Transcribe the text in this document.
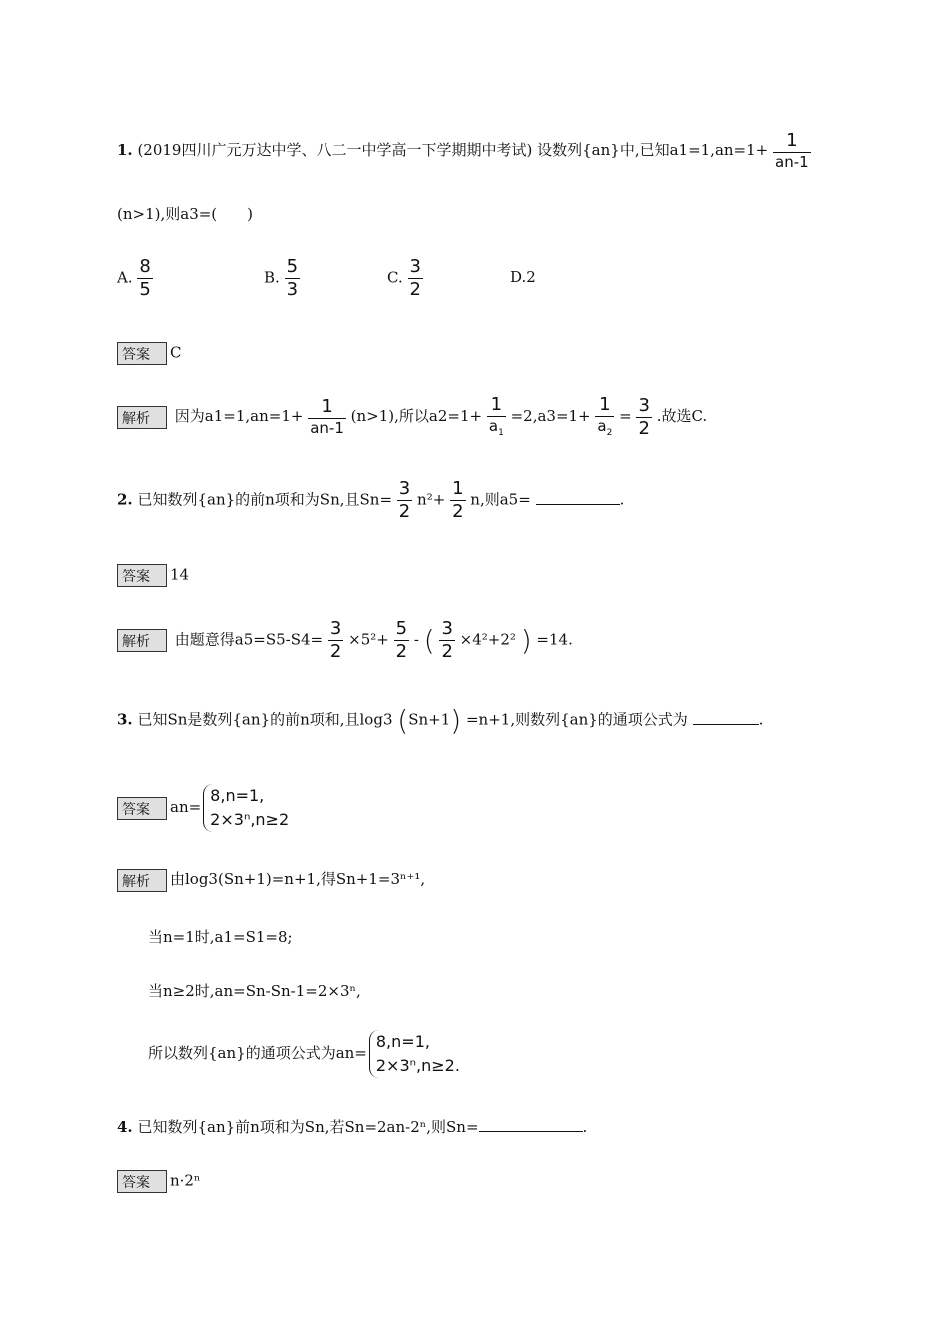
1. (2019四川广元万达中学、八二一中学高一下学期期中考试) 设数列{an}中,已知$a1=1,an=1+ \frac{1}{an-1}$
(n>1),则a3=(　　)
A. $\frac{8}{5}$	B. $\frac{5}{3}$	C. $\frac{3}{2}$	D.2
答案 C
解析 因为$a1=1,an=1+ \frac{1}{an-1} (n>1)$,所以$a2=1+ \frac{1}{a_1} =2,a3=1+ \frac{1}{a_2} = \frac{3}{2}$ .故选C.
2. 已知数列{an}的前n项和为Sn,且$Sn= \frac{3}{2} n^2+ \frac{1}{2} n$,则a5=	.
答案 14
解析 由题意得$a5=S5-S4= \frac{3}{2} \times 5^2+ \frac{5}{2}$ - ( $\frac{3}{2} \times 4^2+2^2$ ) =14.
3. 已知Sn是数列{an}的前n项和,且log3 (Sn+1) =n+1,则数列{an}的通项公式为	.
答案 an=
8,n=1,
2×3ⁿ,n≥2
解析 由log3(Sn+1)=n+1,得Sn+1=3ⁿ⁺¹,
当n=1时,a1=S1=8;
当n≥2时,an=Sn-Sn-1=2×3ⁿ,
所以数列{an}的通项公式为an=
8,n=1,
2×3ⁿ,n≥2.
4. 已知数列{an}前n项和为Sn,若Sn=2an-2ⁿ,则Sn=	.
答案 n·2ⁿ
